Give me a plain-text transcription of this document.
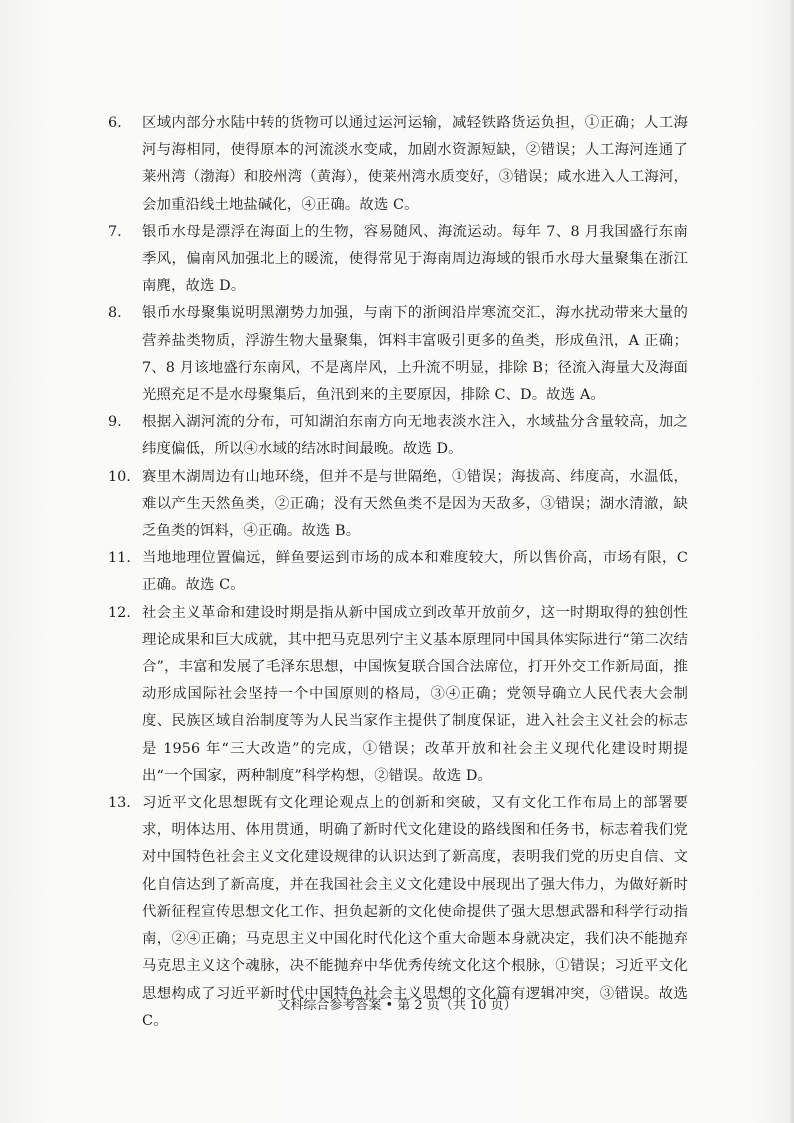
6.	区域内部分水陆中转的货物可以通过运河运输，减轻铁路货运负担，①正确；人工海河与海相同，使得原本的河流淡水变咸，加剧水资源短缺，②错误；人工海河连通了莱州湾（渤海）和胶州湾（黄海），使莱州湾水质变好，③错误；咸水进入人工海河，会加重沿线土地盐碱化，④正确。故选 C。
7.	银币水母是漂浮在海面上的生物，容易随风、海流运动。每年 7、8 月我国盛行东南季风，偏南风加强北上的暖流，使得常见于海南周边海域的银币水母大量聚集在浙江南麂，故选 D。
8.	银币水母聚集说明黑潮势力加强，与南下的浙闽沿岸寒流交汇，海水扰动带来大量的营养盐类物质，浮游生物大量聚集，饵料丰富吸引更多的鱼类，形成鱼汛，A 正确；7、8 月该地盛行东南风，不是离岸风，上升流不明显，排除 B；径流入海量大及海面光照充足不是水母聚集后，鱼汛到来的主要原因，排除 C、D。故选 A。
9.	根据入湖河流的分布，可知湖泊东南方向无地表淡水注入，水域盐分含量较高，加之纬度偏低，所以④水域的结冰时间最晚。故选 D。
10. 赛里木湖周边有山地环绕，但并不是与世隔绝，①错误；海拔高、纬度高，水温低，难以产生天然鱼类，②正确；没有天然鱼类不是因为天敌多，③错误；湖水清澈，缺乏鱼类的饵料，④正确。故选 B。
11. 当地地理位置偏远，鲜鱼要运到市场的成本和难度较大，所以售价高，市场有限，C 正确。故选 C。
12. 社会主义革命和建设时期是指从新中国成立到改革开放前夕，这一时期取得的独创性理论成果和巨大成就，其中把马克思列宁主义基本原理同中国具体实际进行“第二次结合”，丰富和发展了毛泽东思想，中国恢复联合国合法席位，打开外交工作新局面，推动形成国际社会坚持一个中国原则的格局，③④正确；党领导确立人民代表大会制度、民族区域自治制度等为人民当家作主提供了制度保证，进入社会主义社会的标志是 1956 年“三大改造”的完成，①错误；改革开放和社会主义现代化建设时期提出“一个国家，两种制度”科学构想，②错误。故选 D。
13. 习近平文化思想既有文化理论观点上的创新和突破，又有文化工作布局上的部署要求，明体达用、体用贯通，明确了新时代文化建设的路线图和任务书，标志着我们党对中国特色社会主义文化建设规律的认识达到了新高度，表明我们党的历史自信、文化自信达到了新高度，并在我国社会主义文化建设中展现出了强大伟力，为做好新时代新征程宣传思想文化工作、担负起新的文化使命提供了强大思想武器和科学行动指南，②④正确；马克思主义中国化时代化这个重大命题本身就决定，我们决不能抛弃马克思主义这个魂脉，决不能抛弃中华优秀传统文化这个根脉，①错误；习近平文化思想构成了习近平新时代中国特色社会主义思想的文化篇有逻辑冲突，③错误。故选 C。
文科综合参考答案 • 第 2 页（共 10 页）
